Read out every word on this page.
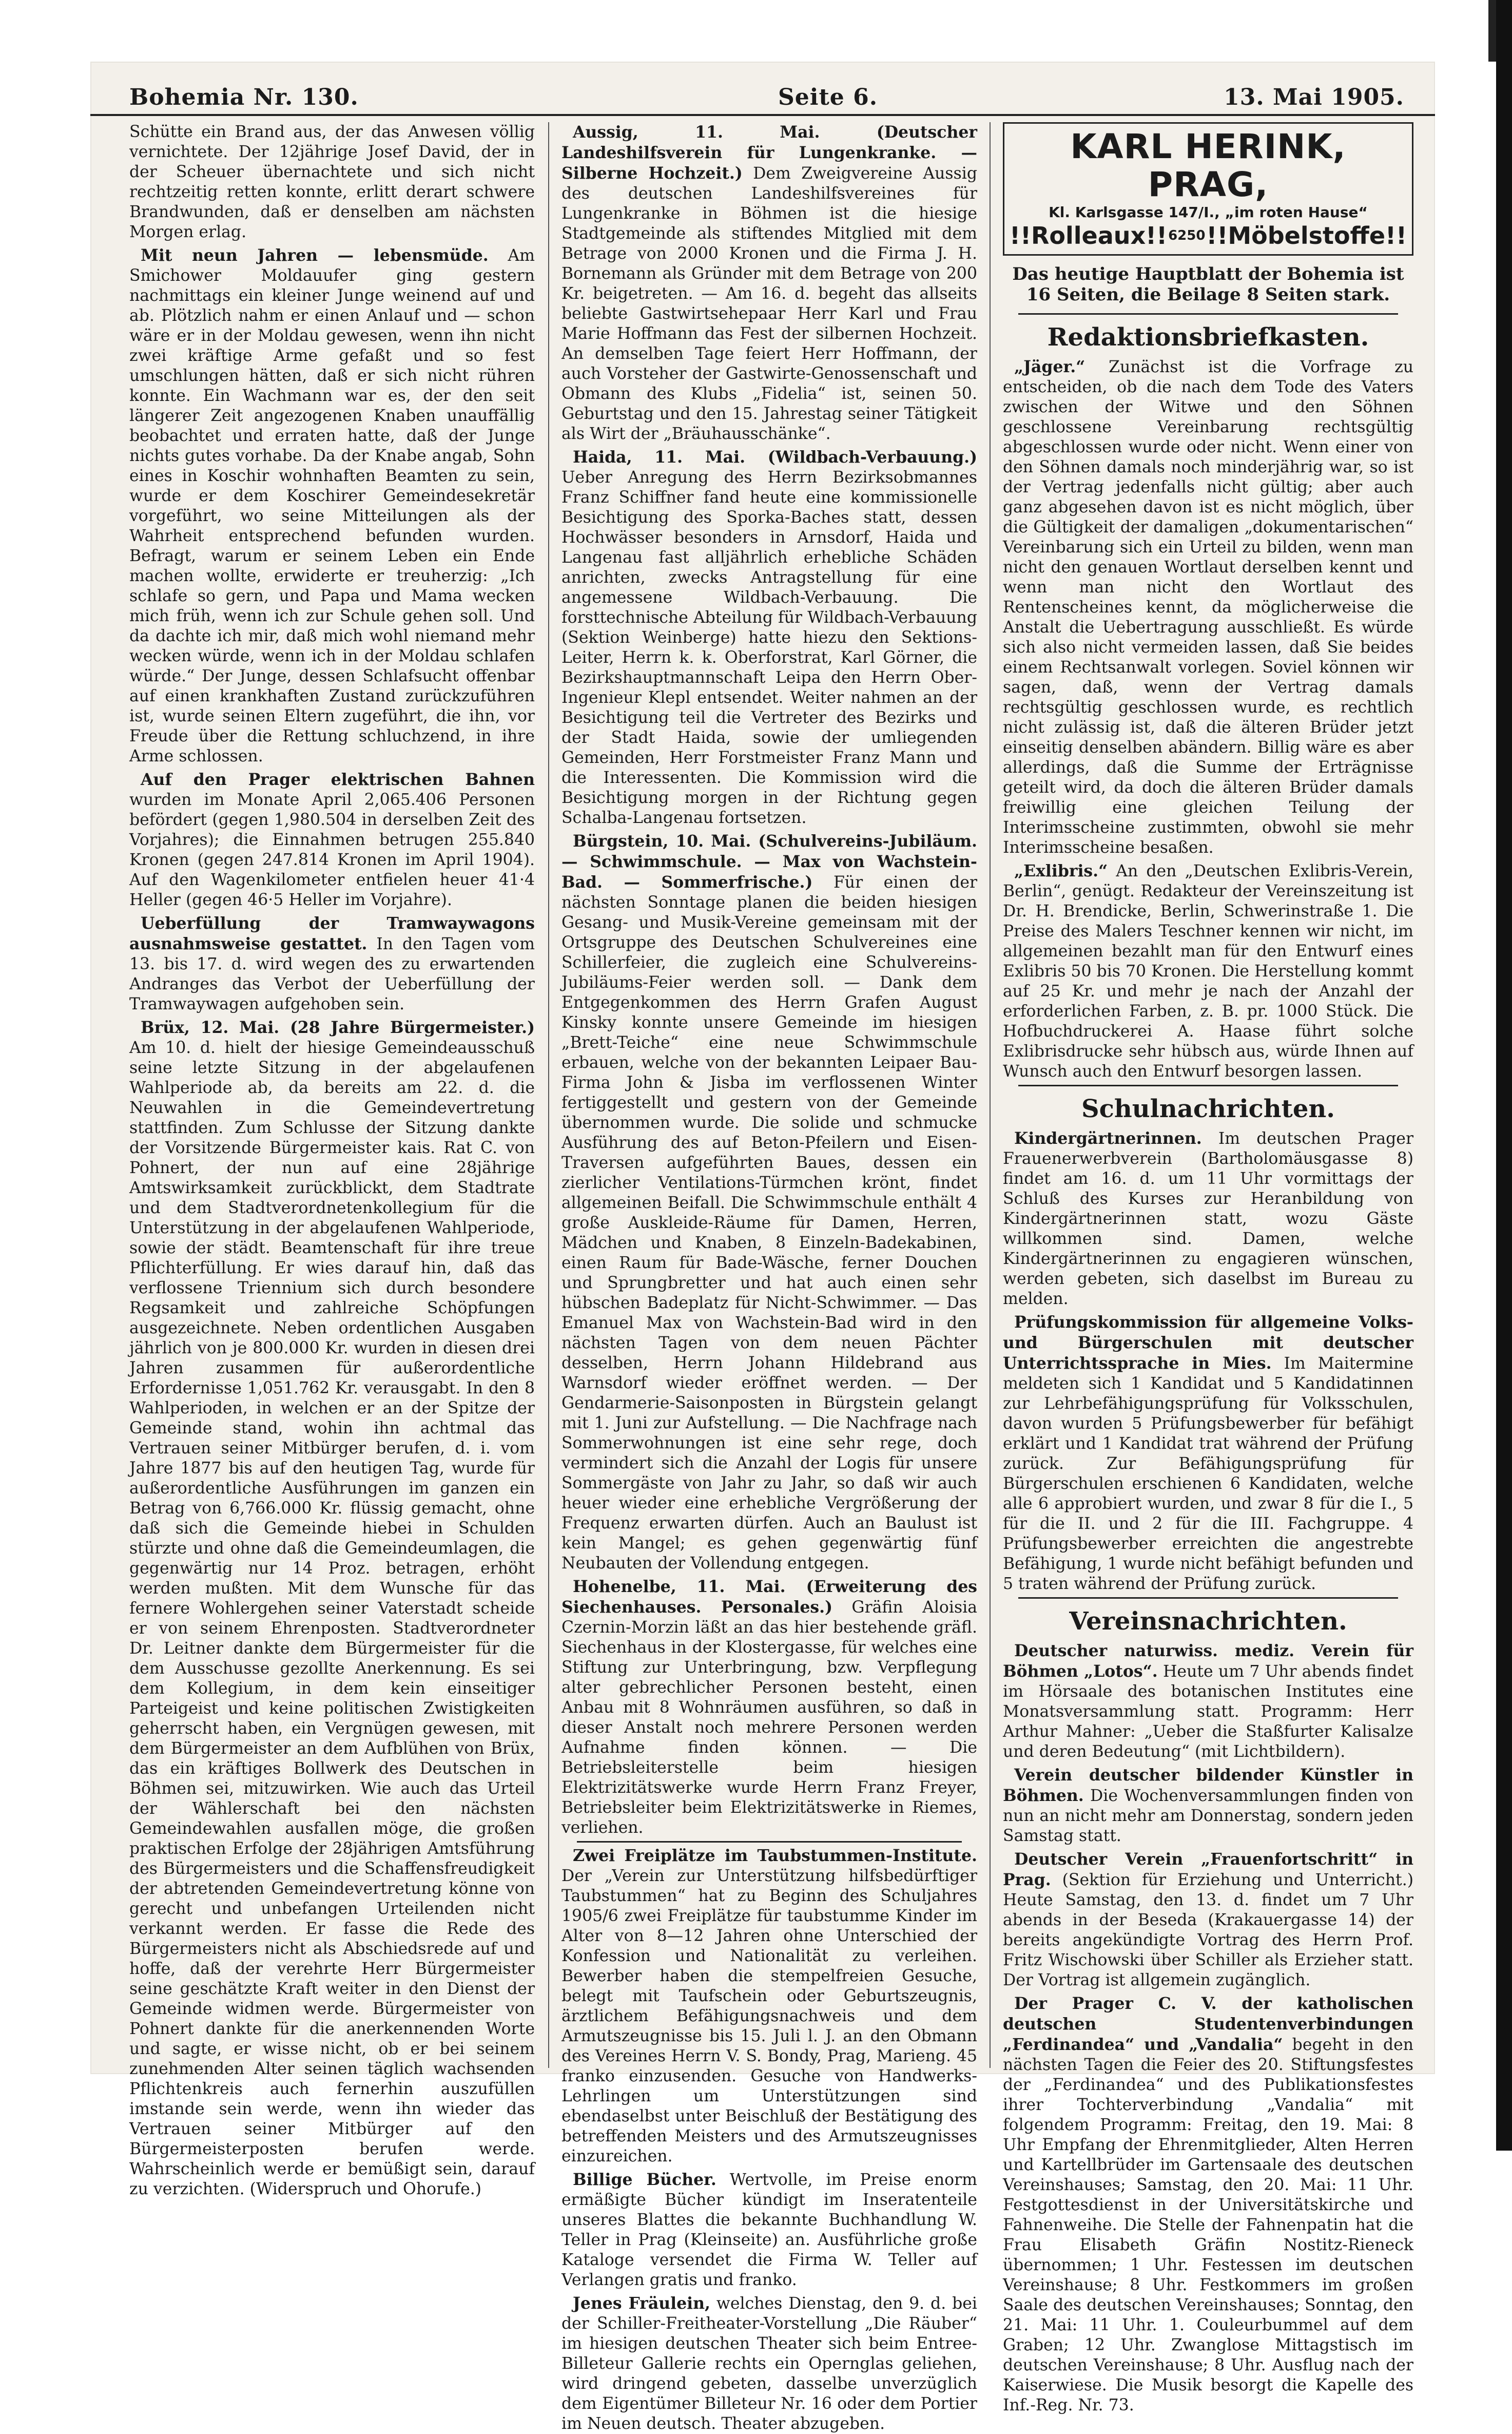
Bohemia Nr. 130.	Seite 6.	13. Mai 1905.

Schütte ein Brand aus, der das Anwesen völlig vernichtete. Der 12jährige Josef David, der in der Scheuer übernachtete und sich nicht rechtzeitig retten konnte, erlitt derart schwere Brandwunden, daß er denselben am nächsten Morgen erlag.

Mit neun Jahren — lebensmüde. Am Smichower Moldauufer ging gestern nachmittags ein kleiner Junge weinend auf und ab. Plötzlich nahm er einen Anlauf und — schon wäre er in der Moldau gewesen, wenn ihn nicht zwei kräftige Arme gefaßt und so fest umschlungen hätten, daß er sich nicht rühren konnte. Ein Wachmann war es, der den seit längerer Zeit angezogenen Knaben unauffällig beobachtet und erraten hatte, daß der Junge nichts gutes vorhabe. Da der Knabe angab, Sohn eines in Koschir wohnhaften Beamten zu sein, wurde er dem Koschirer Gemeindesekretär vorgeführt, wo seine Mitteilungen als der Wahrheit entsprechend befunden wurden. Befragt, warum er seinem Leben ein Ende machen wollte, erwiderte er treuherzig: „Ich schlafe so gern, und Papa und Mama wecken mich früh, wenn ich zur Schule gehen soll. Und da dachte ich mir, daß mich wohl niemand mehr wecken würde, wenn ich in der Moldau schlafen würde.“ Der Junge, dessen Schlafsucht offenbar auf einen krankhaften Zustand zurückzuführen ist, wurde seinen Eltern zugeführt, die ihn, vor Freude über die Rettung schluchzend, in ihre Arme schlossen.

Auf den Prager elektrischen Bahnen wurden im Monate April 2,065.406 Personen befördert (gegen 1,980.504 in derselben Zeit des Vorjahres); die Einnahmen betrugen 255.840 Kronen (gegen 247.814 Kronen im April 1904). Auf den Wagenkilometer entfielen heuer 41·4 Heller (gegen 46·5 Heller im Vorjahre).

Ueberfüllung der Tramwaywagons ausnahmsweise gestattet. In den Tagen vom 13. bis 17. d. wird wegen des zu erwartenden Andranges das Verbot der Ueberfüllung der Tramwaywagen aufgehoben sein.

Brüx, 12. Mai. (28 Jahre Bürgermeister.) Am 10. d. hielt der hiesige Gemeindeausschuß seine letzte Sitzung in der abgelaufenen Wahlperiode ab, da bereits am 22. d. die Neuwahlen in die Gemeindevertretung stattfinden. Zum Schlusse der Sitzung dankte der Vorsitzende Bürgermeister kais. Rat C. von Pohnert, der nun auf eine 28jährige Amtswirksamkeit zurückblickt, dem Stadtrate und dem Stadtverordnetenkollegium für die Unterstützung in der abgelaufenen Wahlperiode, sowie der städt. Beamtenschaft für ihre treue Pflichterfüllung. Er wies darauf hin, daß das verflossene Triennium sich durch besondere Regsamkeit und zahlreiche Schöpfungen ausgezeichnete. Neben ordentlichen Ausgaben jährlich von je 800.000 Kr. wurden in diesen drei Jahren zusammen für außerordentliche Erfordernisse 1,051.762 Kr. verausgabt. In den 8 Wahlperioden, in welchen er an der Spitze der Gemeinde stand, wohin ihn achtmal das Vertrauen seiner Mitbürger berufen, d. i. vom Jahre 1877 bis auf den heutigen Tag, wurde für außerordentliche Ausführungen im ganzen ein Betrag von 6,766.000 Kr. flüssig gemacht, ohne daß sich die Gemeinde hiebei in Schulden stürzte und ohne daß die Gemeindeumlagen, die gegenwärtig nur 14 Proz. betragen, erhöht werden mußten. Mit dem Wunsche für das fernere Wohlergehen seiner Vaterstadt scheide er von seinem Ehrenposten. Stadtverordneter Dr. Leitner dankte dem Bürgermeister für die dem Ausschusse gezollte Anerkennung. Es sei dem Kollegium, in dem kein einseitiger Parteigeist und keine politischen Zwistigkeiten geherrscht haben, ein Vergnügen gewesen, mit dem Bürgermeister an dem Aufblühen von Brüx, das ein kräftiges Bollwerk des Deutschen in Böhmen sei, mitzuwirken. Wie auch das Urteil der Wählerschaft bei den nächsten Gemeindewahlen ausfallen möge, die großen praktischen Erfolge der 28jährigen Amtsführung des Bürgermeisters und die Schaffensfreudigkeit der abtretenden Gemeindevertretung könne von gerecht und unbefangen Urteilenden nicht verkannt werden. Er fasse die Rede des Bürgermeisters nicht als Abschiedsrede auf und hoffe, daß der verehrte Herr Bürgermeister seine geschätzte Kraft weiter in den Dienst der Gemeinde widmen werde. Bürgermeister von Pohnert dankte für die anerkennenden Worte und sagte, er wisse nicht, ob er bei seinem zunehmenden Alter seinen täglich wachsenden Pflichtenkreis auch fernerhin auszufüllen imstande sein werde, wenn ihn wieder das Vertrauen seiner Mitbürger auf den Bürgermeisterposten berufen werde. Wahrscheinlich werde er bemüßigt sein, darauf zu verzichten. (Widerspruch und Ohorufe.)

Aussig, 11. Mai. (Deutscher Landeshilfsverein für Lungenkranke. — Silberne Hochzeit.) Dem Zweigvereine Aussig des deutschen Landeshilfsvereines für Lungenkranke in Böhmen ist die hiesige Stadtgemeinde als stiftendes Mitglied mit dem Betrage von 2000 Kronen und die Firma J. H. Bornemann als Gründer mit dem Betrage von 200 Kr. beigetreten. — Am 16. d. begeht das allseits beliebte Gastwirtsehepaar Herr Karl und Frau Marie Hoffmann das Fest der silbernen Hochzeit. An demselben Tage feiert Herr Hoffmann, der auch Vorsteher der Gastwirte-Genossenschaft und Obmann des Klubs „Fidelia“ ist, seinen 50. Geburtstag und den 15. Jahrestag seiner Tätigkeit als Wirt der „Bräuhausschänke“.

Haida, 11. Mai. (Wildbach-Verbauung.) Ueber Anregung des Herrn Bezirksobmannes Franz Schiffner fand heute eine kommissionelle Besichtigung des Sporka-Baches statt, dessen Hochwässer besonders in Arnsdorf, Haida und Langenau fast alljährlich erhebliche Schäden anrichten, zwecks Antragstellung für eine angemessene Wildbach-Verbauung. Die forsttechnische Abteilung für Wildbach-Verbauung (Sektion Weinberge) hatte hiezu den Sektions-Leiter, Herrn k. k. Oberforstrat, Karl Görner, die Bezirkshauptmannschaft Leipa den Herrn Ober-Ingenieur Klepl entsendet. Weiter nahmen an der Besichtigung teil die Vertreter des Bezirks und der Stadt Haida, sowie der umliegenden Gemeinden, Herr Forstmeister Franz Mann und die Interessenten. Die Kommission wird die Besichtigung morgen in der Richtung gegen Schalba-Langenau fortsetzen.

Bürgstein, 10. Mai. (Schulvereins-Jubiläum. — Schwimmschule. — Max von Wachstein-Bad. — Sommerfrische.) Für einen der nächsten Sonntage planen die beiden hiesigen Gesang- und Musik-Vereine gemeinsam mit der Ortsgruppe des Deutschen Schulvereines eine Schillerfeier, die zugleich eine Schulvereins-Jubiläums-Feier werden soll. — Dank dem Entgegenkommen des Herrn Grafen August Kinsky konnte unsere Gemeinde im hiesigen „Brett-Teiche“ eine neue Schwimmschule erbauen, welche von der bekannten Leipaer Bau-Firma John & Jisba im verflossenen Winter fertiggestellt und gestern von der Gemeinde übernommen wurde. Die solide und schmucke Ausführung des auf Beton-Pfeilern und Eisen-Traversen aufgeführten Baues, dessen ein zierlicher Ventilations-Türmchen krönt, findet allgemeinen Beifall. Die Schwimmschule enthält 4 große Auskleide-Räume für Damen, Herren, Mädchen und Knaben, 8 Einzeln-Badekabinen, einen Raum für Bade-Wäsche, ferner Douchen und Sprungbretter und hat auch einen sehr hübschen Badeplatz für Nicht-Schwimmer. — Das Emanuel Max von Wachstein-Bad wird in den nächsten Tagen von dem neuen Pächter desselben, Herrn Johann Hildebrand aus Warnsdorf wieder eröffnet werden. — Der Gendarmerie-Saisonposten in Bürgstein gelangt mit 1. Juni zur Aufstellung. — Die Nachfrage nach Sommerwohnungen ist eine sehr rege, doch vermindert sich die Anzahl der Logis für unsere Sommergäste von Jahr zu Jahr, so daß wir auch heuer wieder eine erhebliche Vergrößerung der Frequenz erwarten dürfen. Auch an Baulust ist kein Mangel; es gehen gegenwärtig fünf Neubauten der Vollendung entgegen.

Hohenelbe, 11. Mai. (Erweiterung des Siechenhauses. Personales.) Gräfin Aloisia Czernin-Morzin läßt an das hier bestehende gräfl. Siechenhaus in der Klostergasse, für welches eine Stiftung zur Unterbringung, bzw. Verpflegung alter gebrechlicher Personen besteht, einen Anbau mit 8 Wohnräumen ausführen, so daß in dieser Anstalt noch mehrere Personen werden Aufnahme finden können. — Die Betriebsleiterstelle beim hiesigen Elektrizitätswerke wurde Herrn Franz Freyer, Betriebsleiter beim Elektrizitätswerke in Riemes, verliehen.

Zwei Freiplätze im Taubstummen-Institute. Der „Verein zur Unterstützung hilfsbedürftiger Taubstummen“ hat zu Beginn des Schuljahres 1905/6 zwei Freiplätze für taubstumme Kinder im Alter von 8—12 Jahren ohne Unterschied der Konfession und Nationalität zu verleihen. Bewerber haben die stempelfreien Gesuche, belegt mit Taufschein oder Geburtszeugnis, ärztlichem Befähigungsnachweis und dem Armutszeugnisse bis 15. Juli l. J. an den Obmann des Vereines Herrn V. S. Bondy, Prag, Marieng. 45 franko einzusenden. Gesuche von Handwerks-Lehrlingen um Unterstützungen sind ebendaselbst unter Beischluß der Bestätigung des betreffenden Meisters und des Armutszeugnisses einzureichen.

Billige Bücher. Wertvolle, im Preise enorm ermäßigte Bücher kündigt im Inseratenteile unseres Blattes die bekannte Buchhandlung W. Teller in Prag (Kleinseite) an. Ausführliche große Kataloge versendet die Firma W. Teller auf Verlangen gratis und franko.

Jenes Fräulein, welches Dienstag, den 9. d. bei der Schiller-Freitheater-Vorstellung „Die Räuber“ im hiesigen deutschen Theater sich beim Entree-Billeteur Gallerie rechts ein Opernglas geliehen, wird dringend gebeten, dasselbe unverzüglich dem Eigentümer Billeteur Nr. 16 oder dem Portier im Neuen deutsch. Theater abzugeben.

KARL HERINK, PRAG,
Kl. Karlsgasse 147/I., „im roten Hause“
!!Rolleaux!! 6250 !!Möbelstoffe!!
Das heutige Hauptblatt der Bohemia ist 16 Seiten, die Beilage 8 Seiten stark.
Redaktionsbriefkasten.

„Jäger.“ Zunächst ist die Vorfrage zu entscheiden, ob die nach dem Tode des Vaters zwischen der Witwe und den Söhnen geschlossene Vereinbarung rechtsgültig abgeschlossen wurde oder nicht. Wenn einer von den Söhnen damals noch minderjährig war, so ist der Vertrag jedenfalls nicht gültig; aber auch ganz abgesehen davon ist es nicht möglich, über die Gültigkeit der damaligen „dokumentarischen“ Vereinbarung sich ein Urteil zu bilden, wenn man nicht den genauen Wortlaut derselben kennt und wenn man nicht den Wortlaut des Rentenscheines kennt, da möglicherweise die Anstalt die Uebertragung ausschließt. Es würde sich also nicht vermeiden lassen, daß Sie beides einem Rechtsanwalt vorlegen. Soviel können wir sagen, daß, wenn der Vertrag damals rechtsgültig geschlossen wurde, es rechtlich nicht zulässig ist, daß die älteren Brüder jetzt einseitig denselben abändern. Billig wäre es aber allerdings, daß die Summe der Erträgnisse geteilt wird, da doch die älteren Brüder damals freiwillig eine gleichen Teilung der Interimsscheine zustimmten, obwohl sie mehr Interimsscheine besaßen.

„Exlibris.“ An den „Deutschen Exlibris-Verein, Berlin“, genügt. Redakteur der Vereinszeitung ist Dr. H. Brendicke, Berlin, Schwerinstraße 1. Die Preise des Malers Teschner kennen wir nicht, im allgemeinen bezahlt man für den Entwurf eines Exlibris 50 bis 70 Kronen. Die Herstellung kommt auf 25 Kr. und mehr je nach der Anzahl der erforderlichen Farben, z. B. pr. 1000 Stück. Die Hofbuchdruckerei A. Haase führt solche Exlibrisdrucke sehr hübsch aus, würde Ihnen auf Wunsch auch den Entwurf besorgen lassen.

Schulnachrichten.

Kindergärtnerinnen. Im deutschen Prager Frauenerwerbverein (Bartholomäusgasse 8) findet am 16. d. um 11 Uhr vormittags der Schluß des Kurses zur Heranbildung von Kindergärtnerinnen statt, wozu Gäste willkommen sind. Damen, welche Kindergärtnerinnen zu engagieren wünschen, werden gebeten, sich daselbst im Bureau zu melden.

Prüfungskommission für allgemeine Volks- und Bürgerschulen mit deutscher Unterrichtssprache in Mies. Im Maitermine meldeten sich 1 Kandidat und 5 Kandidatinnen zur Lehrbefähigungsprüfung für Volksschulen, davon wurden 5 Prüfungsbewerber für befähigt erklärt und 1 Kandidat trat während der Prüfung zurück. Zur Befähigungsprüfung für Bürgerschulen erschienen 6 Kandidaten, welche alle 6 approbiert wurden, und zwar 8 für die I., 5 für die II. und 2 für die III. Fachgruppe. 4 Prüfungsbewerber erreichten die angestrebte Befähigung, 1 wurde nicht befähigt befunden und 5 traten während der Prüfung zurück.

Vereinsnachrichten.

Deutscher naturwiss. mediz. Verein für Böhmen „Lotos“. Heute um 7 Uhr abends findet im Hörsaale des botanischen Institutes eine Monatsversammlung statt. Programm: Herr Arthur Mahner: „Ueber die Staßfurter Kalisalze und deren Bedeutung“ (mit Lichtbildern).

Verein deutscher bildender Künstler in Böhmen. Die Wochenversammlungen finden von nun an nicht mehr am Donnerstag, sondern jeden Samstag statt.

Deutscher Verein „Frauenfortschritt“ in Prag. (Sektion für Erziehung und Unterricht.) Heute Samstag, den 13. d. findet um 7 Uhr abends in der Beseda (Krakauergasse 14) der bereits angekündigte Vortrag des Herrn Prof. Fritz Wischowski über Schiller als Erzieher statt. Der Vortrag ist allgemein zugänglich.

Der Prager C. V. der katholischen deutschen Studentenverbindungen „Ferdinandea“ und „Vandalia“ begeht in den nächsten Tagen die Feier des 20. Stiftungsfestes der „Ferdinandea“ und des Publikationsfestes ihrer Tochterverbindung „Vandalia“ mit folgendem Programm: Freitag, den 19. Mai: 8 Uhr Empfang der Ehrenmitglieder, Alten Herren und Kartellbrüder im Gartensaale des deutschen Vereinshauses; Samstag, den 20. Mai: 11 Uhr. Festgottesdienst in der Universitätskirche und Fahnenweihe. Die Stelle der Fahnenpatin hat die Frau Elisabeth Gräfin Nostitz-Rieneck übernommen; 1 Uhr. Festessen im deutschen Vereinshause; 8 Uhr. Festkommers im großen Saale des deutschen Vereinshauses; Sonntag, den 21. Mai: 11 Uhr. 1. Couleurbummel auf dem Graben; 12 Uhr. Zwanglose Mittagstisch im deutschen Vereinshause; 8 Uhr. Ausflug nach der Kaiserwiese. Die Musik besorgt die Kapelle des Inf.-Reg. Nr. 73.
